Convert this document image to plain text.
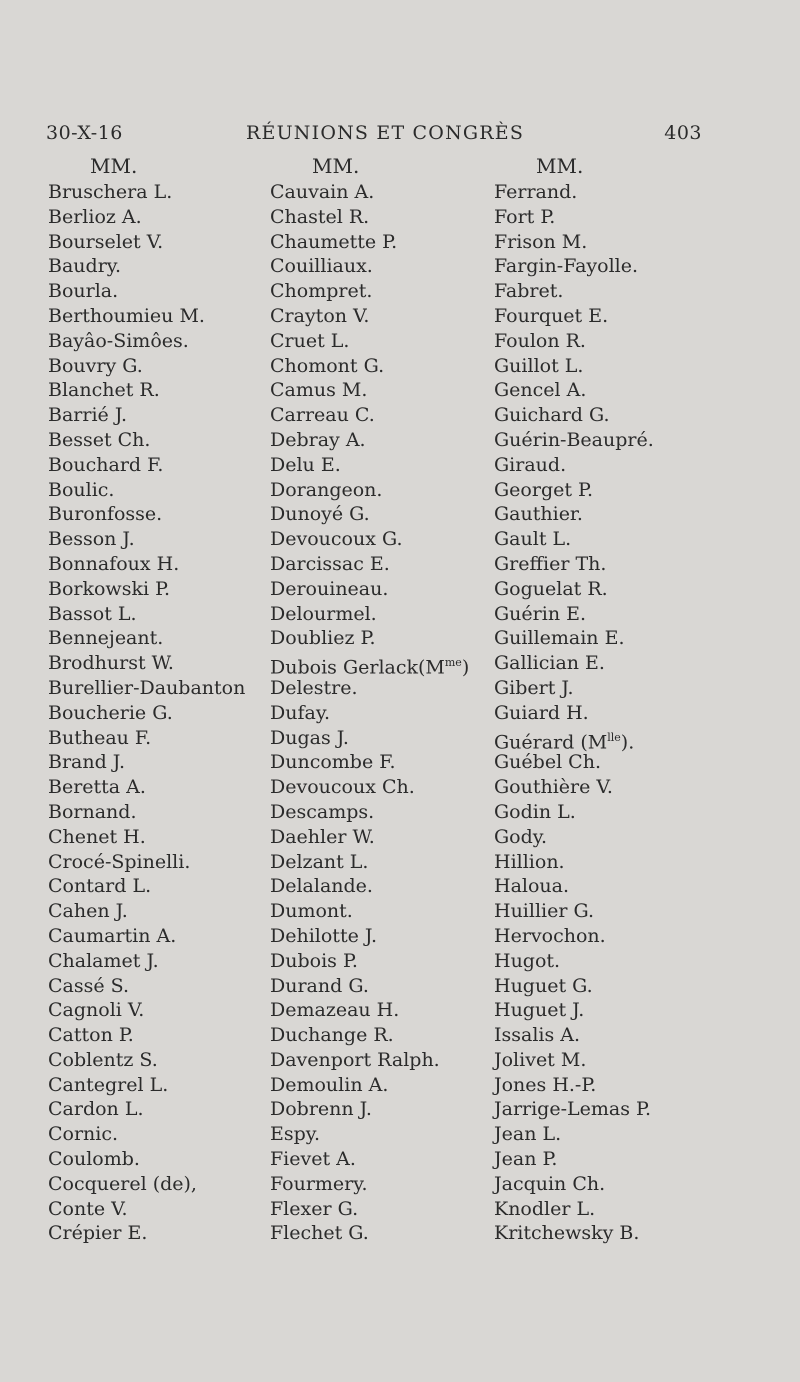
30-X-16	RÉUNIONS ET CONGRÈS	403
MM.
Bruschera L.
Berlioz A.
Bourselet V.
Baudry.
Bourla.
Berthoumieu M.
Bayâo-Simôes.
Bouvry G.
Blanchet R.
Barrié J.
Besset Ch.
Bouchard F.
Boulic.
Buronfosse.
Besson J.
Bonnafoux H.
Borkowski P.
Bassot L.
Bennejeant.
Brodhurst W.
Burellier-Daubanton
Boucherie G.
Butheau F.
Brand J.
Beretta A.
Bornand.
Chenet H.
Crocé-Spinelli.
Contard L.
Cahen J.
Caumartin A.
Chalamet J.
Cassé S.
Cagnoli V.
Catton P.
Coblentz S.
Cantegrel L.
Cardon L.
Cornic.
Coulomb.
Cocquerel (de),
Conte V.
Crépier E.
MM.
Cauvain A.
Chastel R.
Chaumette P.
Couilliaux.
Chompret.
Crayton V.
Cruet L.
Chomont G.
Camus M.
Carreau C.
Debray A.
Delu E.
Dorangeon.
Dunoyé G.
Devoucoux G.
Darcissac E.
Derouineau.
Delourmel.
Doubliez P.
Dubois $Gerlack(M^{me})$
Delestre.
Dufay.
Dugas J.
Duncombe F.
Devoucoux Ch.
Descamps.
Daehler W.
Delzant L.
Delalande.
Dumont.
Dehilotte J.
Dubois P.
Durand G.
Demazeau H.
Duchange R.
Davenport Ralph.
Demoulin A.
Dobrenn J.
Espy.
Fievet A.
Fourmery.
Flexer G.
Flechet G.
MM.
Ferrand.
Fort P.
Frison M.
Fargin-Fayolle.
Fabret.
Fourquet E.
Foulon R.
Guillot L.
Gencel A.
Guichard G.
Guérin-Beaupré.
Giraud.
Georget P.
Gauthier.
Gault L.
Greffier Th.
Goguelat R.
Guérin E.
Guillemain E.
Gallician E.
Gibert J.
Guiard H.
Guérard $(M^{lle})$.
Guébel Ch.
Gouthière V.
Godin L.
Gody.
Hillion.
Haloua.
Huillier G.
Hervochon.
Hugot.
Huguet G.
Huguet J.
Issalis A.
Jolivet M.
Jones H.-P.
Jarrige-Lemas P.
Jean L.
Jean P.
Jacquin Ch.
Knodler L.
Kritchewsky B.
